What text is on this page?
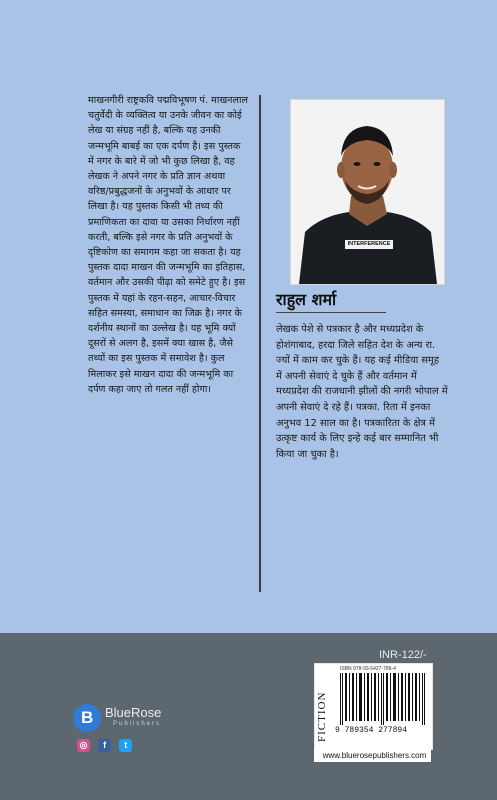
माखनगीरी राष्ट्रकवि पद्मविभूषण पं. माखनलाल चतुर्वेदी के व्यक्तित्व या उनके जीवन का कोई लेख या संग्रह नहीं है, बल्कि यह उनकी जन्मभूमि बाबई का एक दर्पण है। इस पुस्तक में नगर के बारे में जो भी कुछ लिखा है, वह लेखक ने अपने नगर के प्रति ज्ञान अथवा वरिष्ठ/प्रबुद्धजनों के अनुभवों के आधार पर लिखा है। यह पुस्तक किसी भी तथ्य की प्रमाणिकता का दावा या उसका निर्धारण नहीं करती, बल्कि इसे नगर के प्रति अनुभवों के दृष्टिकोण का समागम कहा जा सकता है। यह पुस्तक दादा माखन की जन्मभूमि का इतिहास, वर्तमान और उसकी पीढ़ा को समेटे हुए है। इस पुस्तक में यहां के रहन-सहन, आचार-विचार सहित समस्या, समाधान का जिक्र है। नगर के दर्शनीय स्थानों का उल्लेख है। यह भूमि क्यों दूसरों से अलग है, इसमें क्या खास है, जैसे तथ्यों का इस पुस्तक में समावेश है। कुल मिलाकर इसे माखन दादा की जन्मभूमि का दर्पण कहा जाए तो गलत नहीं होगा।
INTERFERENCE
राहुल शर्मा
लेखक पेशे से पत्रकार है और मध्यप्रदेश के होशंगाबाद, हरदा जिले सहित देश के अन्य रा. ज्यों में काम कर चुके हैं। यह कई मीडिया समूह में अपनी सेवाएं दे चुके हैं और वर्तमान में मध्यप्रदेश की राजधानी झीलों की नगरी भोपाल में अपनी सेवाएं दे रहे हैं। पत्रका. रिता में इनका अनुभव 12 साल का है। पत्रकारिता के क्षेत्र में उत्कृष्ट कार्य के लिए इन्हे कई बार सम्मानित भी किया जा चुका है।
B BlueRose
Publishers
◎ f t
INR-122/-
FICTION
ISBN 978-93-5427-789-4
9 789354 277894
www.bluerosepublishers.com
